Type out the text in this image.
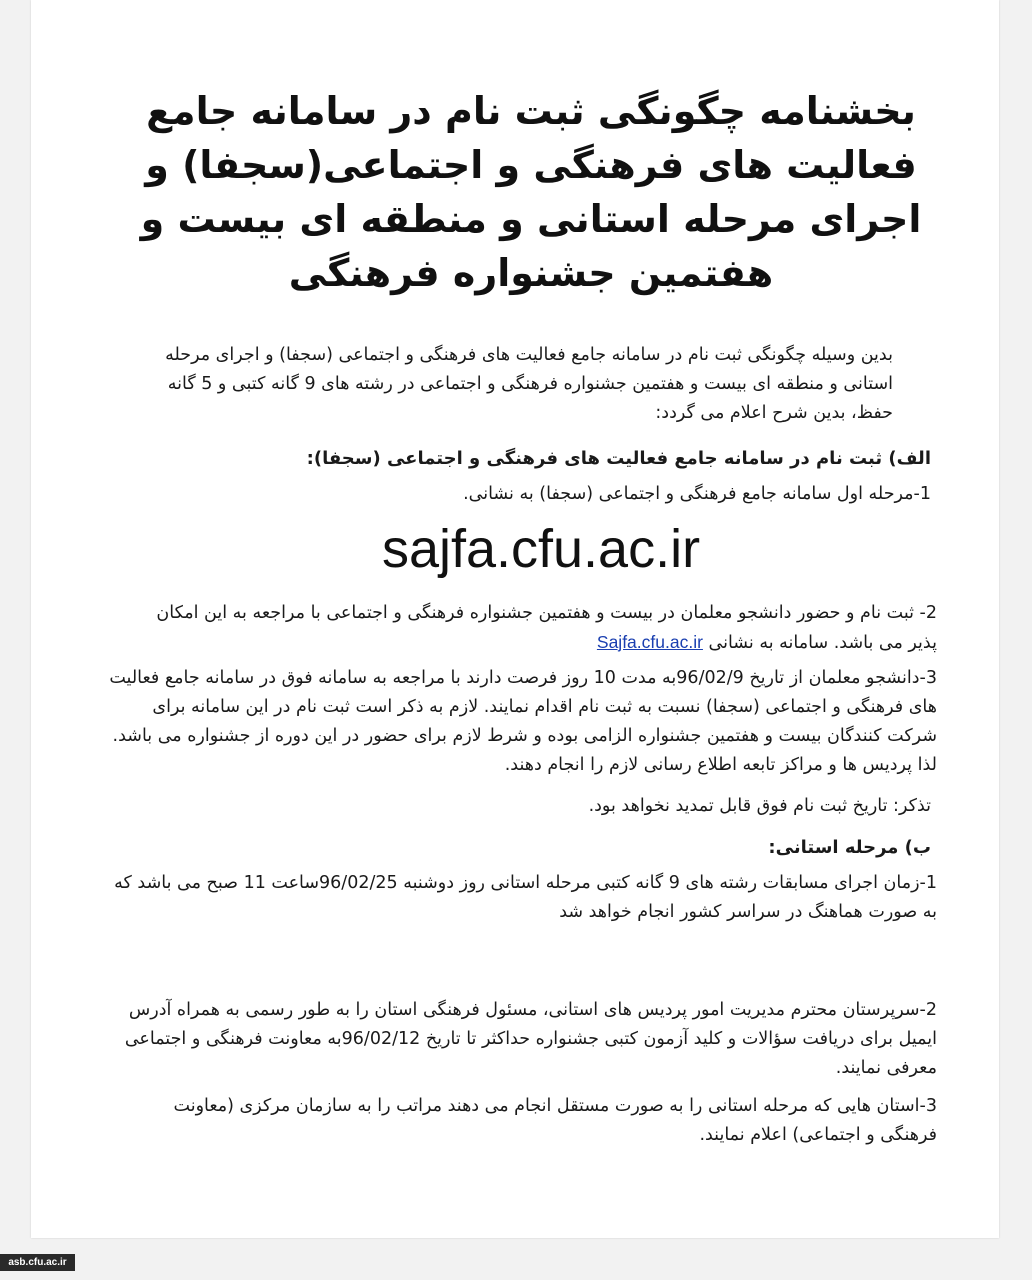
بخشنامه چگونگی ثبت نام در سامانه جامع فعالیت های فرهنگی و اجتماعی(سجفا) و اجرای مرحله استانی و منطقه ای بیست و هفتمین جشنواره فرهنگی
بدین وسیله چگونگی ثبت نام در سامانه جامع فعالیت های فرهنگی و اجتماعی (سجفا) و اجرای مرحله استانی و منطقه ای بیست و هفتمین جشنواره فرهنگی و اجتماعی در رشته های 9 گانه کتبی و 5 گانه حفظ، بدین شرح اعلام می گردد:
الف) ثبت نام در سامانه جامع فعالیت های فرهنگی و اجتماعی (سجفا):
1-مرحله اول سامانه جامع فرهنگی و اجتماعی (سجفا) به نشانی.
sajfa.cfu.ac.ir
2- ثبت نام و حضور دانشجو معلمان در بیست و هفتمین جشنواره فرهنگی و اجتماعی با مراجعه به این امکان پذیر می باشد. سامانه به نشانی Sajfa.cfu.ac.ir
3-دانشجو معلمان از تاریخ 96/02/9به مدت 10 روز فرصت دارند با مراجعه به سامانه فوق در سامانه جامع فعالیت های فرهنگی و اجتماعی (سجفا) نسبت به ثبت نام اقدام نمایند. لازم به ذکر است ثبت نام در این سامانه برای شرکت کنندگان بیست و هفتمین جشنواره الزامی بوده و شرط لازم برای حضور در این دوره از جشنواره می باشد. لذا پردیس ها و مراکز تابعه اطلاع رسانی لازم را انجام دهند.
تذکر: تاریخ ثبت نام فوق قابل تمدید نخواهد بود.
ب) مرحله استانی:
1-زمان اجرای مسابقات رشته های 9 گانه کتبی مرحله استانی روز دوشنبه 96/02/25ساعت 11 صبح می باشد که به صورت هماهنگ در سراسر کشور انجام خواهد شد
2-سرپرستان محترم مدیریت امور پردیس های استانی، مسئول فرهنگی استان را به طور رسمی به همراه آدرس ایمیل برای دریافت سؤالات و کلید آزمون کتبی جشنواره حداکثر تا تاریخ 96/02/12به معاونت فرهنگی و اجتماعی معرفی نمایند.
3-استان هایی که مرحله استانی را به صورت مستقل انجام می دهند مراتب را به سازمان مرکزی (معاونت فرهنگی و اجتماعی) اعلام نمایند.
asb.cfu.ac.ir
